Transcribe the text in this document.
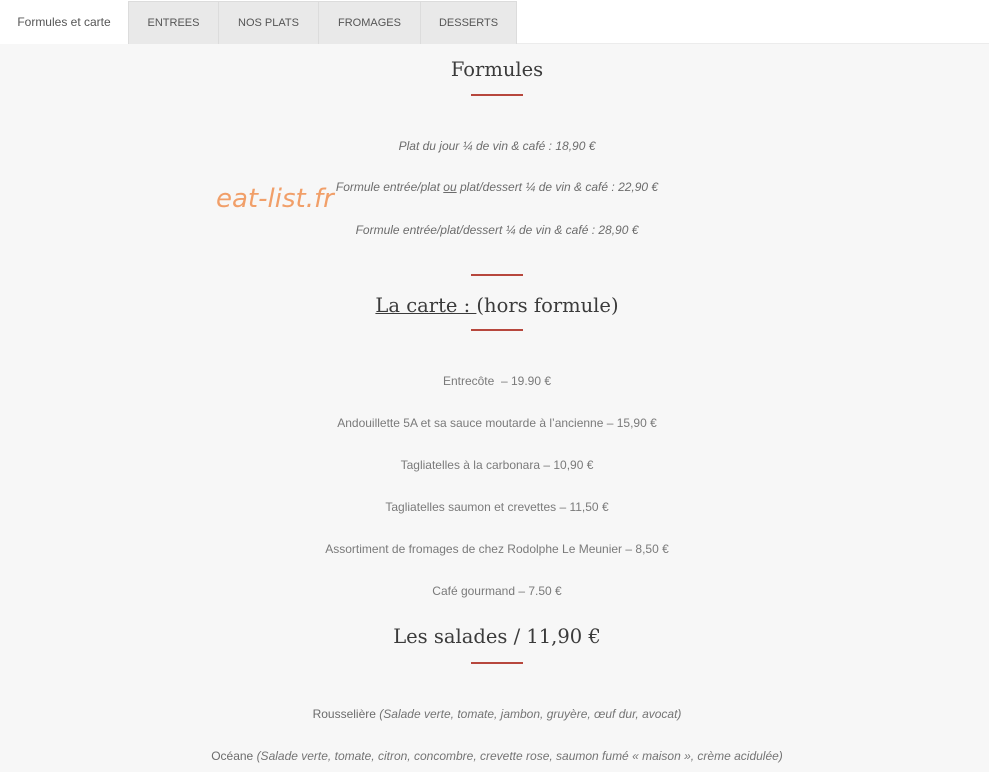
Formules et carte	ENTREES	NOS PLATS	FROMAGES	DESSERTS
Formules

Plat du jour ¼ de vin & café : 18,90 €

Formule entrée/plat ou plat/dessert ¼ de vin & café : 22,90 €

Formule entrée/plat/dessert ¼ de vin & café : 28,90 €

La carte : (hors formule)

Entrecôte  – 19.90 €

Andouillette 5A et sa sauce moutarde à l’ancienne – 15,90 €

Tagliatelles à la carbonara – 10,90 €

Tagliatelles saumon et crevettes – 11,50 €

Assortiment de fromages de chez Rodolphe Le Meunier – 8,50 €

Café gourmand – 7.50 €

Les salades / 11,90 €

Rousselière (Salade verte, tomate, jambon, gruyère, œuf dur, avocat)

Océane (Salade verte, tomate, citron, concombre, crevette rose, saumon fumé « maison », crème acidulée)

eat-list.fr
